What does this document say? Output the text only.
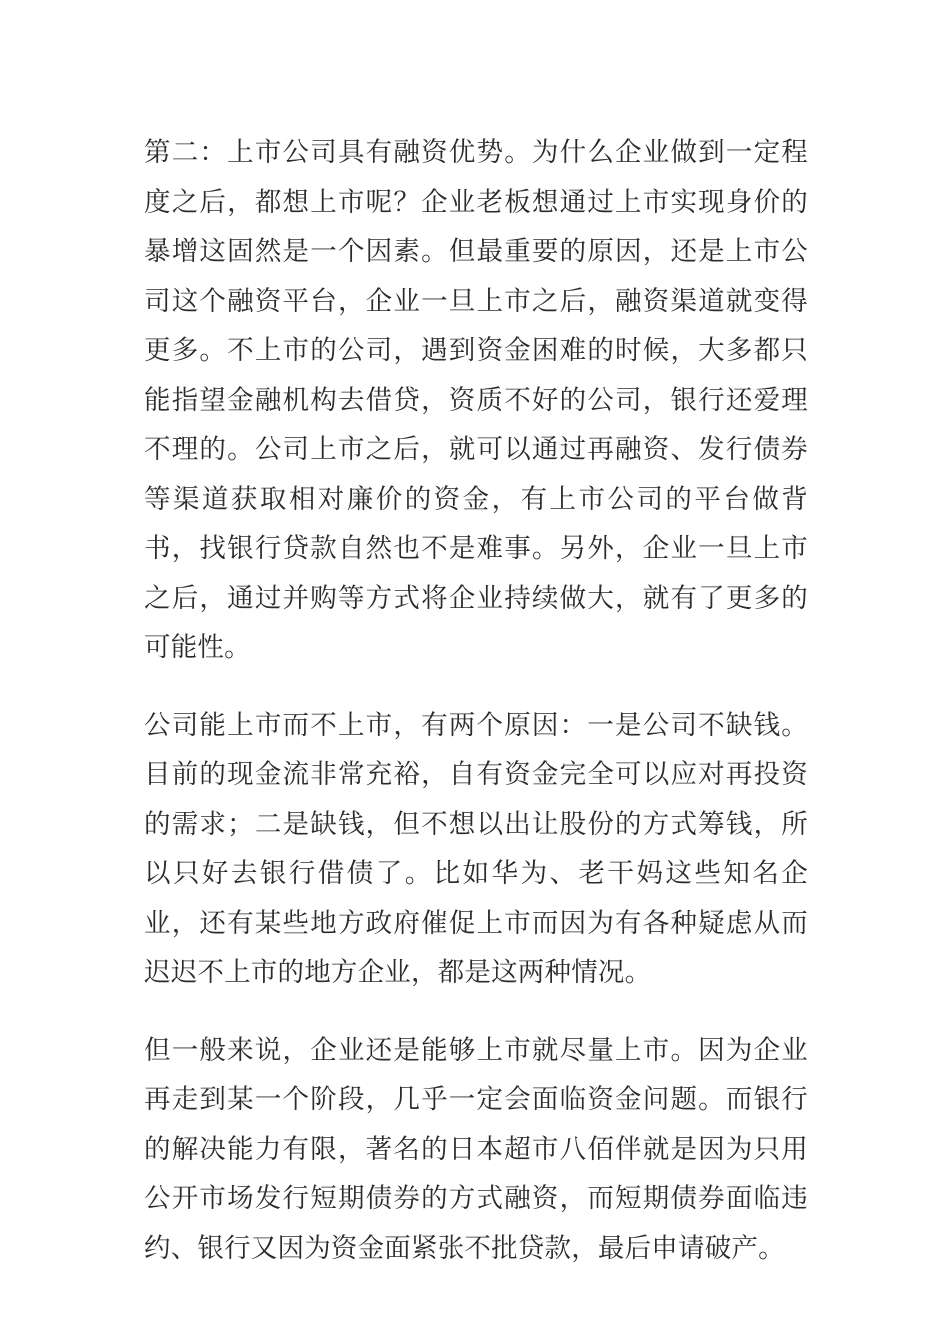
第二：上市公司具有融资优势。为什么企业做到一定程度之后，都想上市呢？企业老板想通过上市实现身价的暴增这固然是一个因素。但最重要的原因，还是上市公司这个融资平台，企业一旦上市之后，融资渠道就变得更多。不上市的公司，遇到资金困难的时候，大多都只能指望金融机构去借贷，资质不好的公司，银行还爱理不理的。公司上市之后，就可以通过再融资、发行债券等渠道获取相对廉价的资金，有上市公司的平台做背书，找银行贷款自然也不是难事。另外，企业一旦上市之后，通过并购等方式将企业持续做大，就有了更多的可能性。

公司能上市而不上市，有两个原因：一是公司不缺钱。目前的现金流非常充裕，自有资金完全可以应对再投资的需求；二是缺钱，但不想以出让股份的方式筹钱，所以只好去银行借债了。比如华为、老干妈这些知名企业，还有某些地方政府催促上市而因为有各种疑虑从而迟迟不上市的地方企业，都是这两种情况。

但一般来说，企业还是能够上市就尽量上市。因为企业再走到某一个阶段，几乎一定会面临资金问题。而银行的解决能力有限，著名的日本超市八佰伴就是因为只用公开市场发行短期债券的方式融资，而短期债券面临违约、银行又因为资金面紧张不批贷款，最后申请破产。
